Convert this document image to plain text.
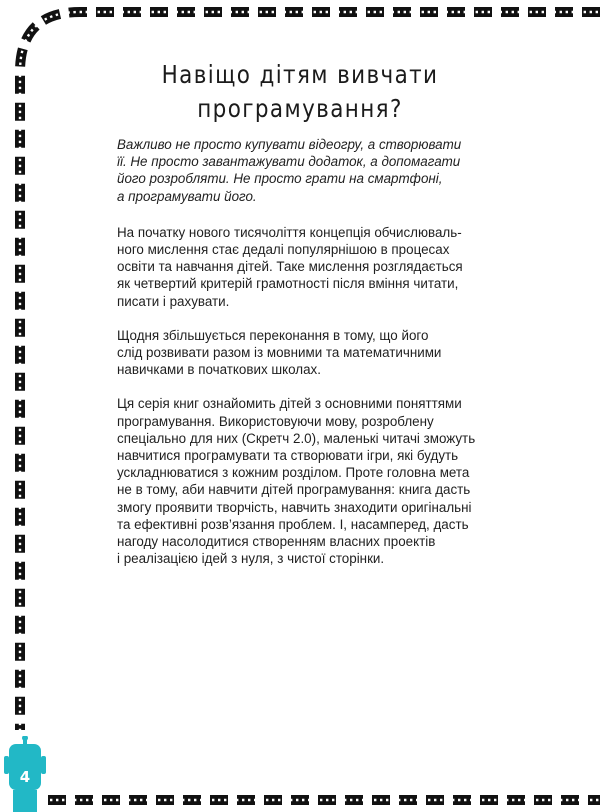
Навіщо дітям вивчати
програмування?

Важливо не просто купувати відеогру, а створювати
її. Не просто завантажувати додаток, а допомагати
його розробляти. Не просто грати на смартфоні,
а програмувати його.

На початку нового тисячоліття концепція обчислюваль-
ного мислення стає дедалі популярнішою в процесах
освіти та навчання дітей. Таке мислення розглядається
як четвертий критерій грамотності після вміння читати,
писати і рахувати.

Щодня збільшується переконання в тому, що його
слід розвивати разом із мовними та математичними
навичками в початкових школах.

Ця серія книг ознайомить дітей з основними поняттями
програмування. Використовуючи мову, розроблену
спеціально для них (Скретч 2.0), маленькі читачі зможуть
навчитися програмувати та створювати ігри, які будуть
ускладнюватися з кожним розділом. Проте головна мета
не в тому, аби навчити дітей програмування: книга дасть
змогу проявити творчість, навчить знаходити оригінальні
та ефективні розв’язання проблем. І, насамперед, дасть
нагоду насолодитися створенням власних проектів
і реалізацією ідей з нуля, з чистої сторінки.

4
